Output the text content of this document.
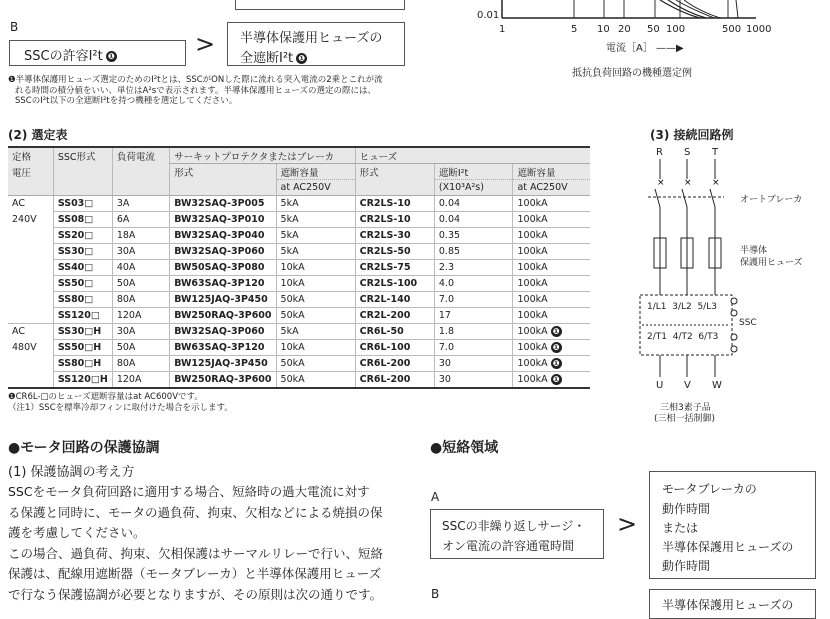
B
SSCの許容I²t ❶	> 半導体保護用ヒューズの
全遮断I²t ❶
❶半導体保護用ヒューズ選定のためのI²tとは、SSCがONした際に流れる突入電流の2乗とこれが流
れる時間の積分値をいい、単位はA²sで表示されます。半導体保護用ヒューズの選定の際には、
SSCのI²t以下の全遮断I²tを持つ機種を選定してください。
0.01
1	5 10 20 50 100	500 1000
電流［A］ ——▶
抵抗負荷回路の機種選定例
(2) 選定表
定格	SSC形式	負荷電流	サーキットプロテクタまたはブレーカ		ヒューズ		
電圧			形式	遮断容量	形式	遮断I²t	遮断容量
				at AC250V		(X10³A²s)	at AC250V
AC	SS03□	3A	BW32SAQ-3P005	5kA	CR2LS-10	0.04	100kA
240V	SS08□	6A	BW32SAQ-3P010	5kA	CR2LS-10	0.04	100kA
	SS20□	18A	BW32SAQ-3P040	5kA	CR2LS-30	0.35	100kA
	SS30□	30A	BW32SAQ-3P060	5kA	CR2LS-50	0.85	100kA
	SS40□	40A	BW50SAQ-3P080	10kA	CR2LS-75	2.3	100kA
	SS50□	50A	BW63SAQ-3P120	10kA	CR2LS-100	4.0	100kA
	SS80□	80A	BW125JAQ-3P450	50kA	CR2L-140	7.0	100kA
	SS120□	120A	BW250RAQ-3P600	50kA	CR2L-200	17	100kA
AC	SS30□H	30A	BW32SAQ-3P060	5kA	CR6L-50	1.8	100kA ❶
480V	SS50□H	50A	BW63SAQ-3P120	10kA	CR6L-100	7.0	100kA ❶
	SS80□H	80A	BW125JAQ-3P450	50kA	CR6L-200	30	100kA ❶
	SS120□H	120A	BW250RAQ-3P600	50kA	CR6L-200	30	100kA ❶
❶CR6L-□のヒューズ遮断容量はat AC600Vです。
（注1）SSCを標準冷却フィンに取付けた場合を示します。
(3) 接続回路例
× × ×
R S T
オートブレーカ
半導体
保護用ヒューズ
1/L1  3/L2  5/L3
2/T1  4/T2  6/T3
SSC
U V W
三相3素子品
(三相一括制御)
●モータ回路の保護協調
(1) 保護協調の考え方

SSCをモータ負荷回路に適用する場合、短絡時の過大電流に対す

る保護と同時に、モータの過負荷、拘束、欠相などによる焼損の保

護を考慮してください。

この場合、過負荷、拘束、欠相保護はサーマルリレーで行い、短絡

保護は、配線用遮断器（モータブレーカ）と半導体保護用ヒューズ

で行なう保護協調が必要となりますが、その原則は次の通りです。

●短絡領域
A
SSCの非繰り返しサージ・
オン電流の許容通電時間
>
モータブレーカの
動作時間
または
半導体保護用ヒューズの
動作時間
B
半導体保護用ヒューズの
